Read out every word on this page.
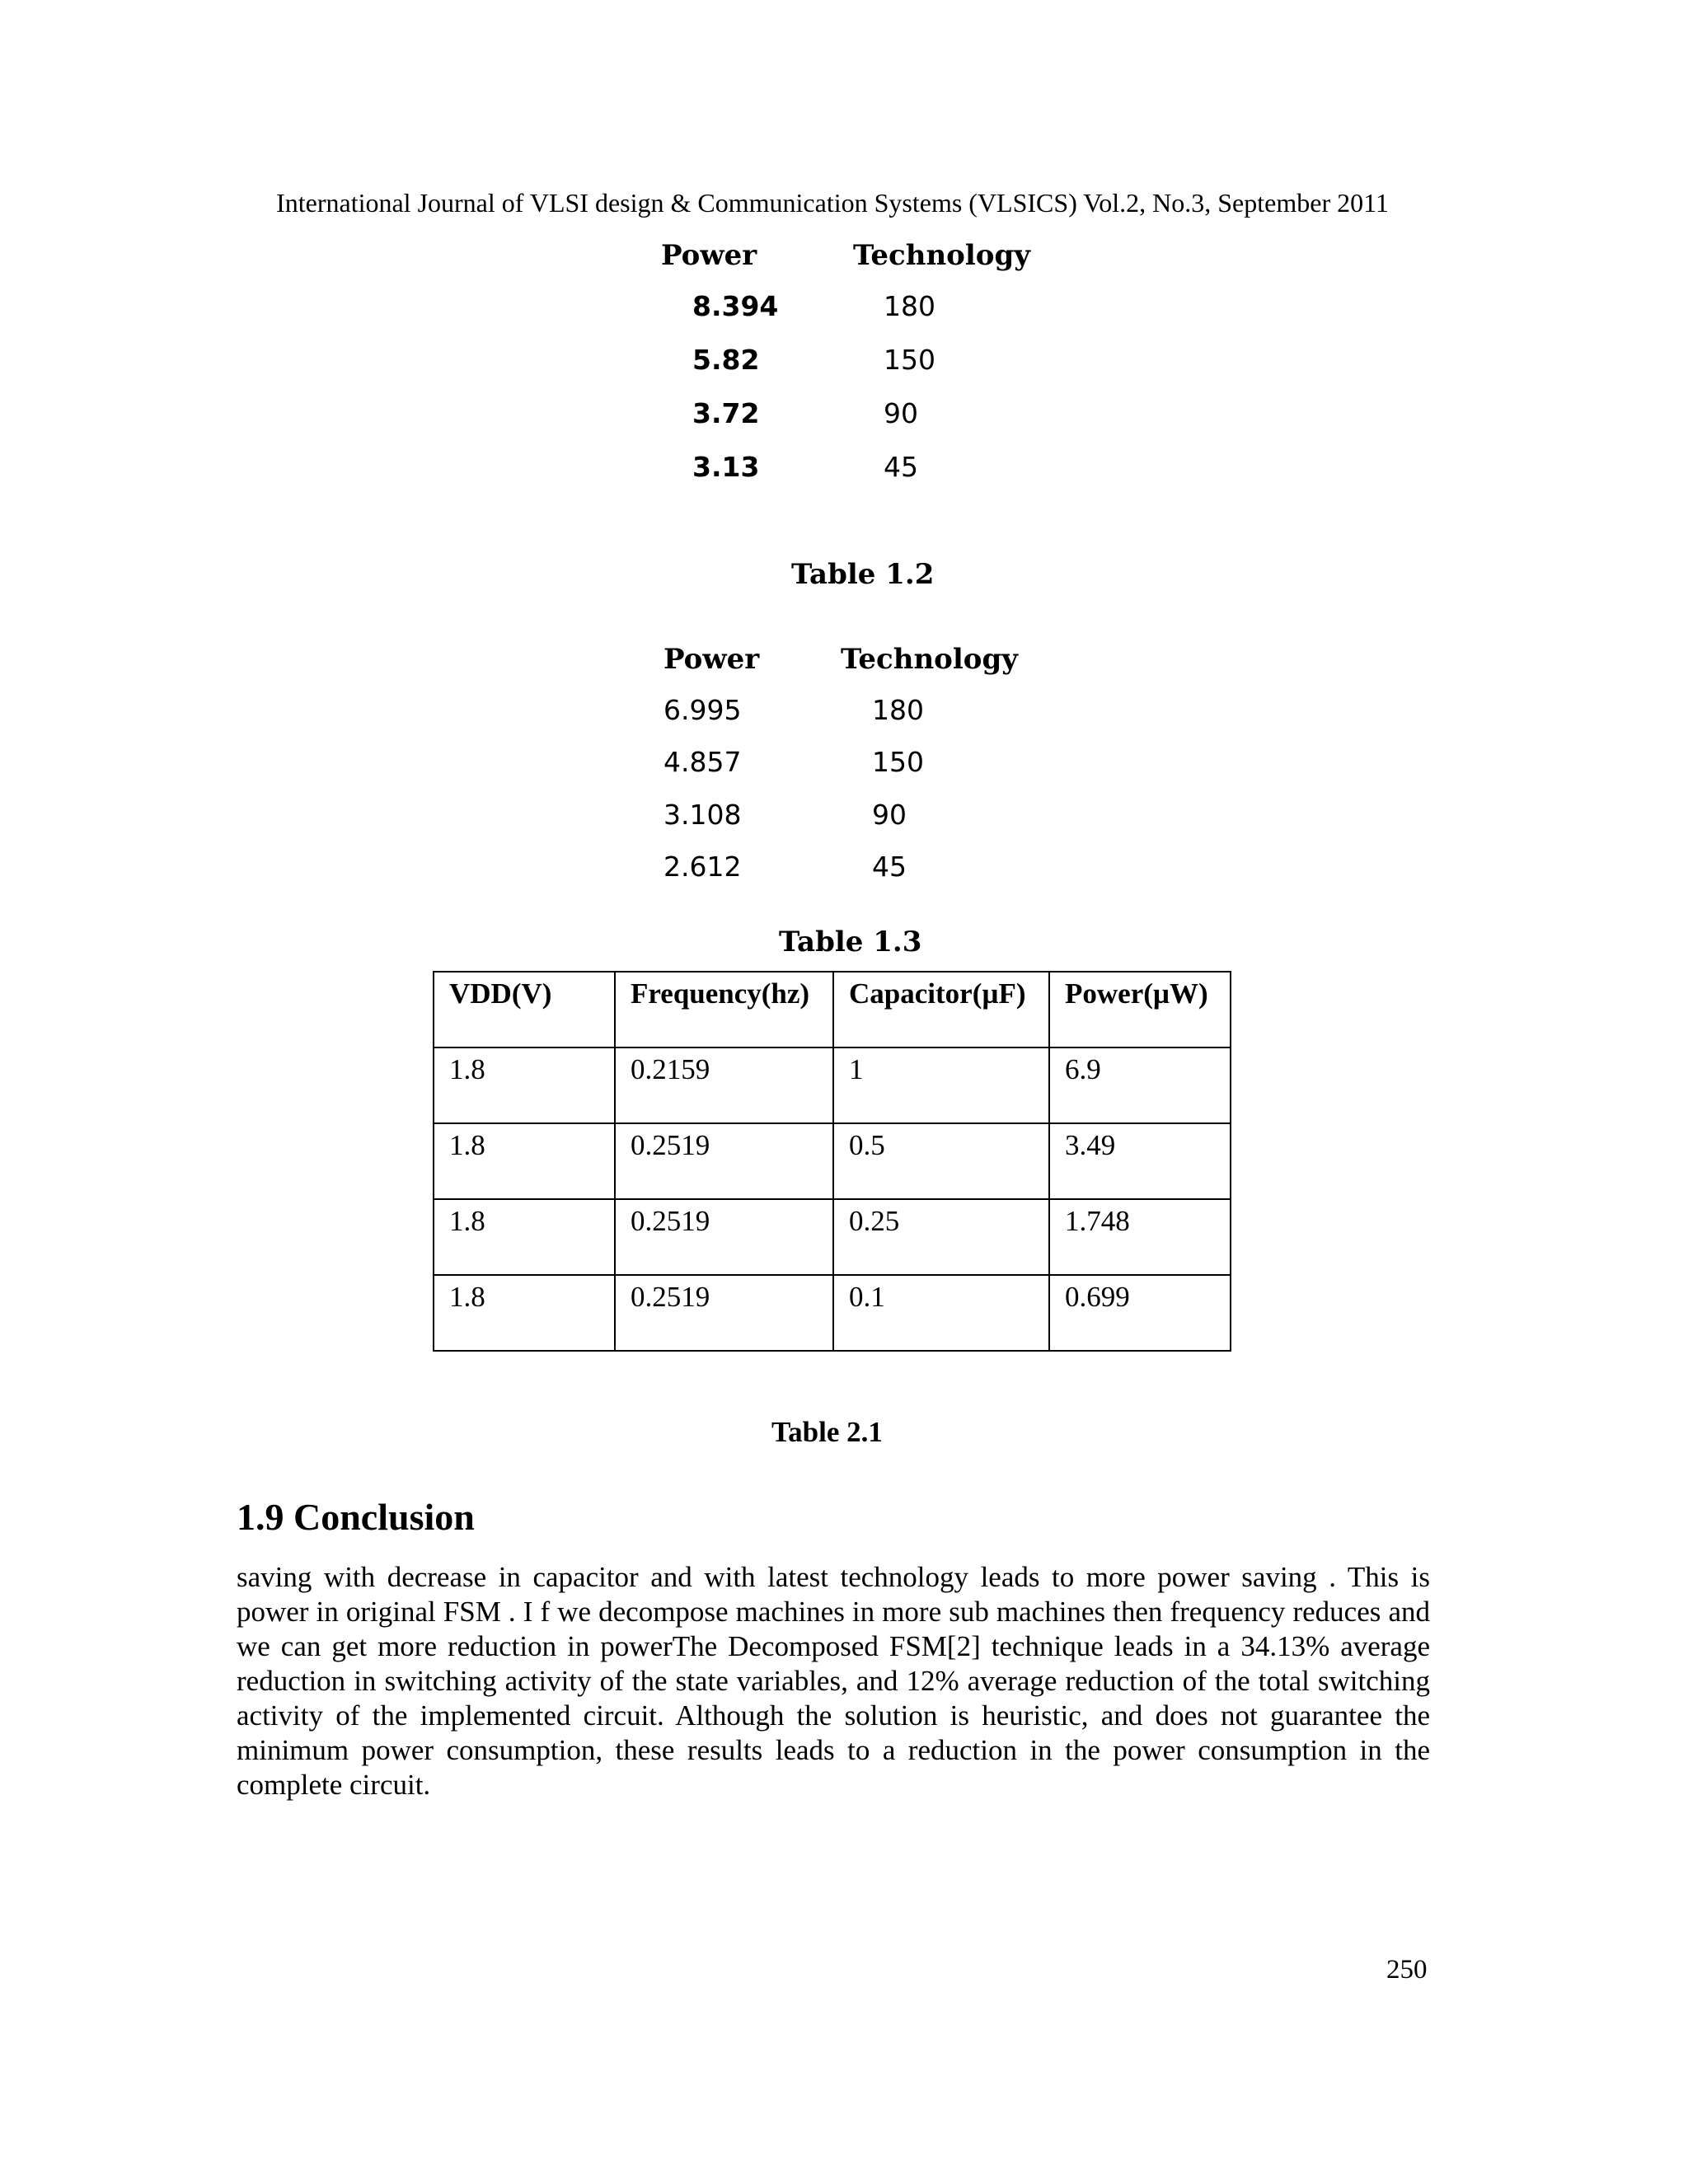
International Journal of VLSI design & Communication Systems (VLSICS) Vol.2, No.3, September 2011
Power	Technology
8.394	180
5.82	150
3.72	90
3.13	45
Table 1.2
Power	Technology
6.995	180
4.857	150
3.108	90
2.612	45
Table 1.3
VDD(V)	Frequency(hz)	Capacitor(µF)	Power(µW)
1.8	0.2159	1	6.9
1.8	0.2519	0.5	3.49
1.8	0.2519	0.25	1.748
1.8	0.2519	0.1	0.699
Table 2.1
1.9 Conclusion
saving with decrease in capacitor and with latest technology leads to more power saving . This is power in original FSM . I f we decompose machines in more sub machines then frequency reduces and we can get more reduction in powerThe Decomposed FSM[2] technique leads in a 34.13% average reduction in switching activity of the state variables, and 12% average reduction of the total switching activity of the implemented circuit. Although the solution is heuristic, and does not guarantee the minimum power consumption, these results leads to a reduction in the power consumption in the complete circuit.
250
